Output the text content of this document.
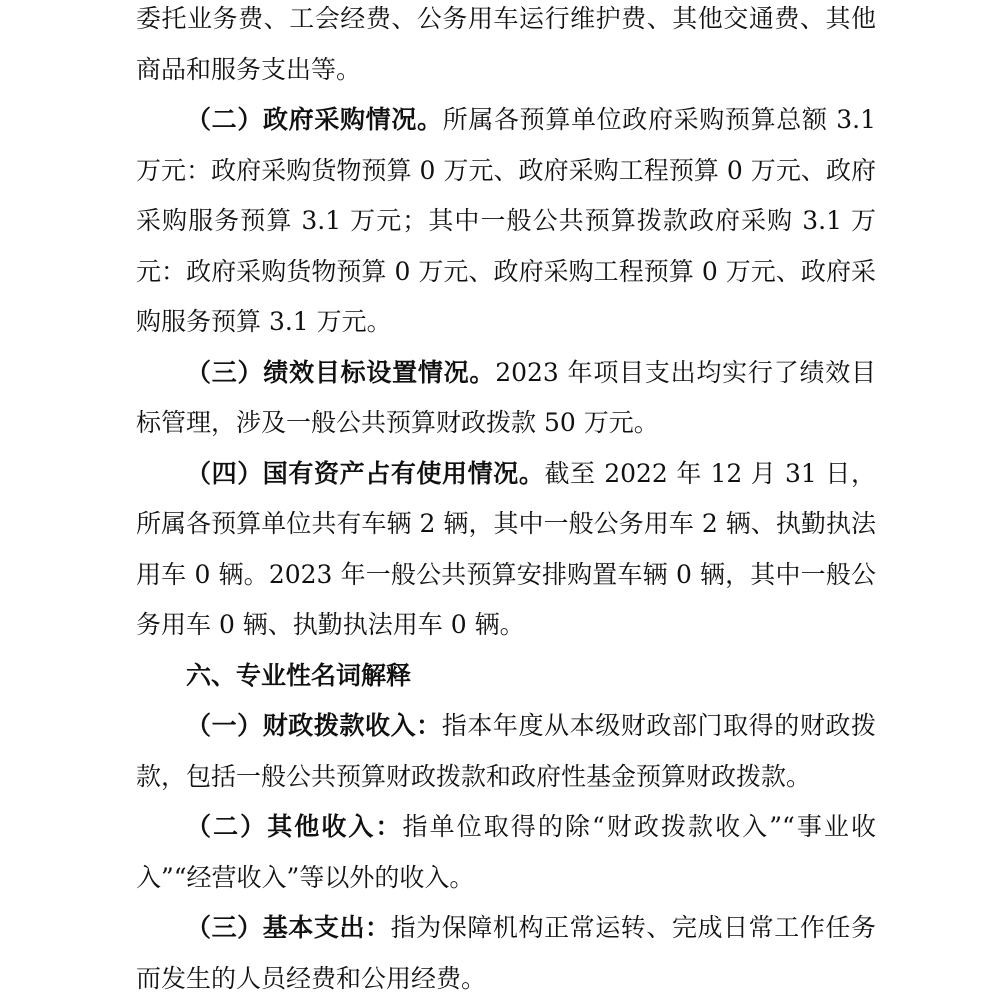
委托业务费、工会经费、公务用车运行维护费、其他交通费、其他商品和服务支出等。

（二）政府采购情况。所属各预算单位政府采购预算总额 3.1 万元：政府采购货物预算 0 万元、政府采购工程预算 0 万元、政府采购服务预算 3.1 万元；其中一般公共预算拨款政府采购 3.1 万元：政府采购货物预算 0 万元、政府采购工程预算 0 万元、政府采购服务预算 3.1 万元。

（三）绩效目标设置情况。2023 年项目支出均实行了绩效目标管理，涉及一般公共预算财政拨款 50 万元。

（四）国有资产占有使用情况。截至 2022 年 12 月 31 日，所属各预算单位共有车辆 2 辆，其中一般公务用车 2 辆、执勤执法用车 0 辆。2023 年一般公共预算安排购置车辆 0 辆，其中一般公务用车 0 辆、执勤执法用车 0 辆。

六、专业性名词解释

（一）财政拨款收入：指本年度从本级财政部门取得的财政拨款，包括一般公共预算财政拨款和政府性基金预算财政拨款。

（二）其他收入：指单位取得的除“财政拨款收入”“事业收入”“经营收入”等以外的收入。

（三）基本支出：指为保障机构正常运转、完成日常工作任务而发生的人员经费和公用经费。
